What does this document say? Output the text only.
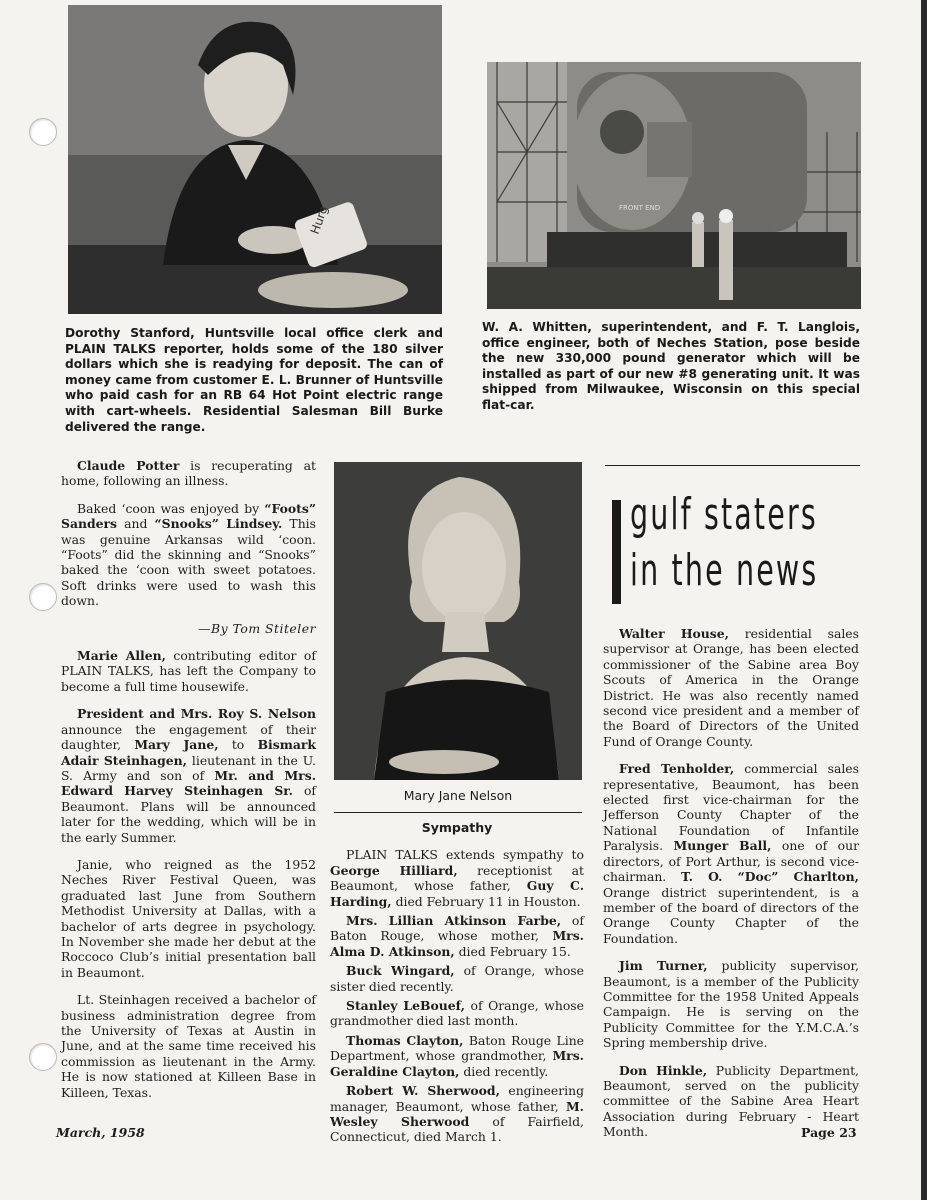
Hurg	FRONT END
Dorothy Stanford, Huntsville local office clerk and PLAIN TALKS reporter, holds some of the 180 silver dollars which she is readying for deposit. The can of money came from customer E. L. Brunner of Huntsville who paid cash for an RB 64 Hot Point electric range with cart-wheels. Residential Salesman Bill Burke delivered the range.
W. A. Whitten, superintendent, and F. T. Langlois, office engineer, both of Neches Station, pose beside the new 330,000 pound generator which will be installed as part of our new #8 generating unit. It was shipped from Milwaukee, Wisconsin on this special flat-car.

Claude Potter is recuperating at home, following an illness.

Baked ‘coon was enjoyed by “Foots” Sanders and “Snooks” Lindsey. This was genuine Arkansas wild ‘coon. “Foots” did the skinning and “Snooks” baked the ‘coon with sweet potatoes. Soft drinks were used to wash this down.

—By Tom Stiteler

Marie Allen, contributing editor of PLAIN TALKS, has left the Company to become a full time housewife.

President and Mrs. Roy S. Nelson announce the engagement of their daughter, Mary Jane, to Bismark Adair Steinhagen, lieutenant in the U. S. Army and son of Mr. and Mrs. Edward Harvey Steinhagen Sr. of Beaumont. Plans will be announced later for the wedding, which will be in the early Summer.

Janie, who reigned as the 1952 Neches River Festival Queen, was graduated last June from Southern Methodist University at Dallas, with a bachelor of arts degree in psychology. In November she made her debut at the Roccoco Club’s initial presentation ball in Beaumont.

Lt. Steinhagen received a bachelor of business administration degree from the University of Texas at Austin in June, and at the same time received his commission as lieutenant in the Army. He is now stationed at Killeen Base in Killeen, Texas.

Mary Jane Nelson

Sympathy

PLAIN TALKS extends sympathy to George Hilliard, receptionist at Beaumont, whose father, Guy C. Harding, died February 11 in Houston.

Mrs. Lillian Atkinson Farbe, of Baton Rouge, whose mother, Mrs. Alma D. Atkinson, died February 15.

Buck Wingard, of Orange, whose sister died recently.

Stanley LeBouef, of Orange, whose grandmother died last month.

Thomas Clayton, Baton Rouge Line Department, whose grandmother, Mrs. Geraldine Clayton, died recently.

Robert W. Sherwood, engineering manager, Beaumont, whose father, M. Wesley Sherwood of Fairfield, Connecticut, died March 1.

gulf staters
in the news

Walter House, residential sales supervisor at Orange, has been elected commissioner of the Sabine area Boy Scouts of America in the Orange District. He was also recently named second vice president and a member of the Board of Directors of the United Fund of Orange County.

Fred Tenholder, commercial sales representative, Beaumont, has been elected first vice-chairman for the Jefferson County Chapter of the National Foundation of Infantile Paralysis. Munger Ball, one of our directors, of Port Arthur, is second vice-chairman. T. O. “Doc” Charlton, Orange district superintendent, is a member of the board of directors of the Orange County Chapter of the Foundation.

Jim Turner, publicity supervisor, Beaumont, is a member of the Publicity Committee for the 1958 United Appeals Campaign. He is serving on the Publicity Committee for the Y.M.C.A.’s Spring membership drive.

Don Hinkle, Publicity Department, Beaumont, served on the publicity committee of the Sabine Area Heart Association during February - Heart Month.

March, 1958	Page 23
